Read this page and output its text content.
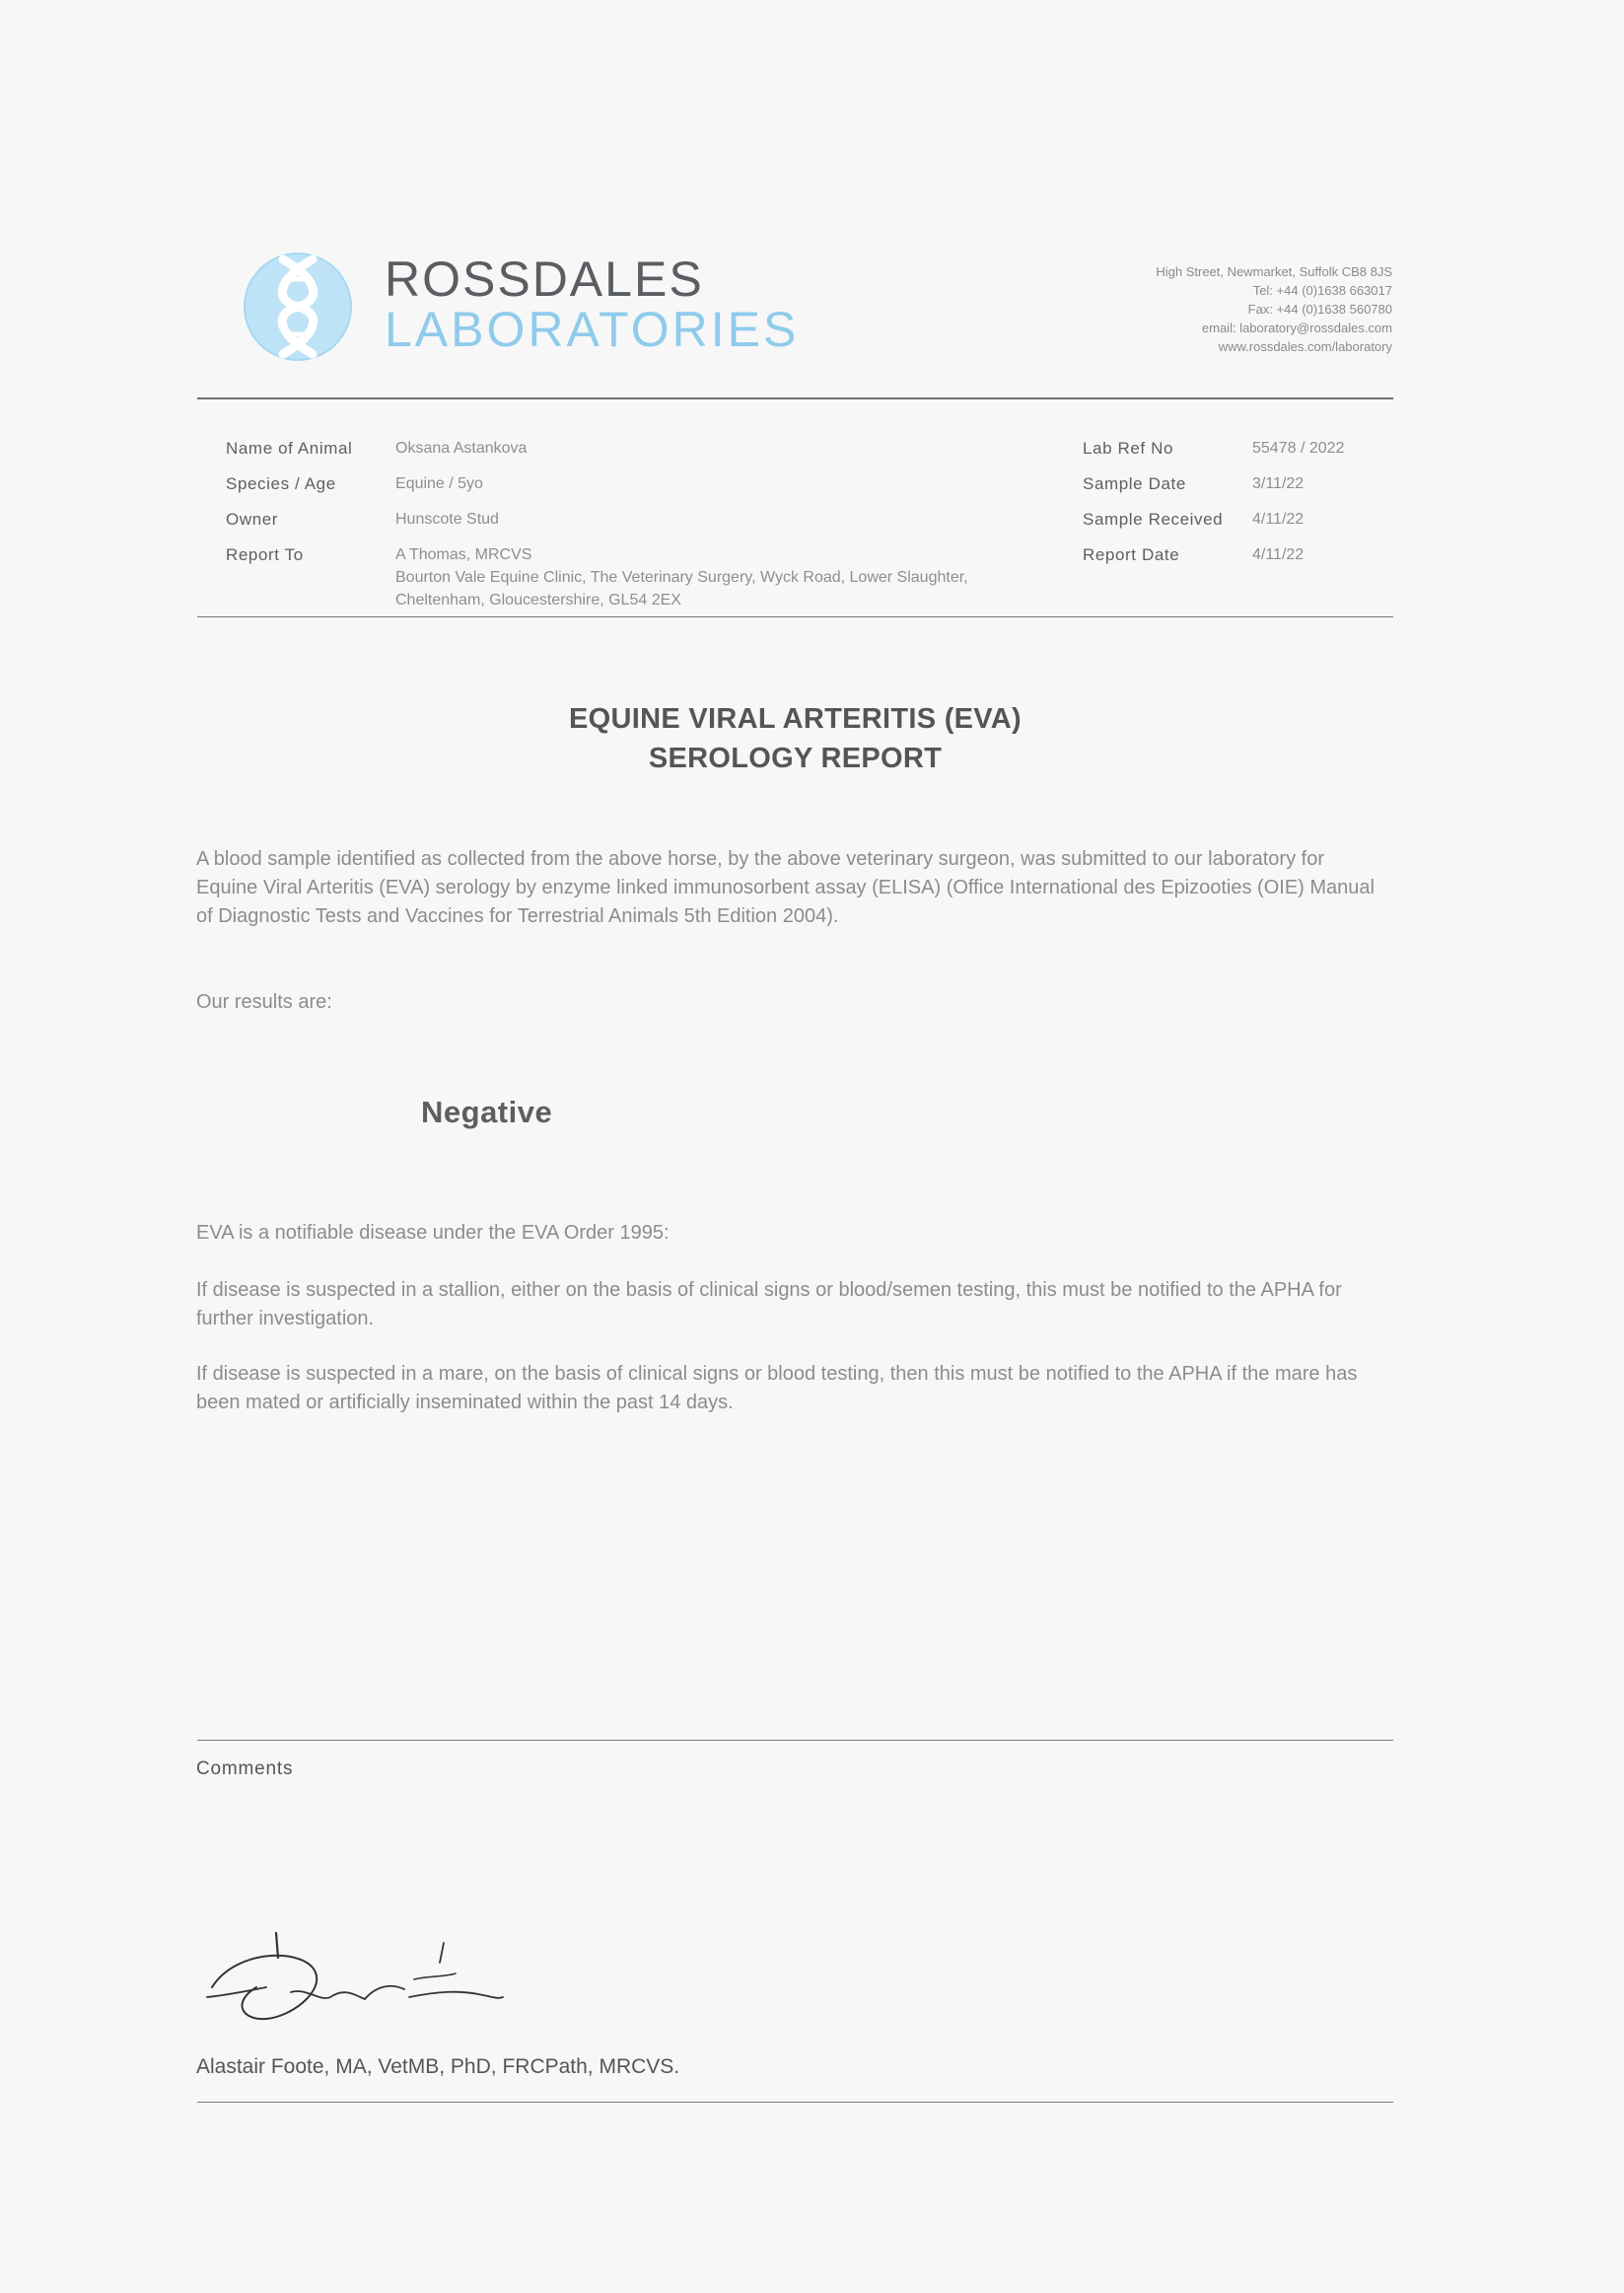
ROSSDALES
LABORATORIES
High Street, Newmarket, Suffolk CB8 8JS
Tel: +44 (0)1638 663017
Fax: +44 (0)1638 560780
email: laboratory@rossdales.com
www.rossdales.com/laboratory
Name of Animal	Oksana Astankova
Species / Age	Equine / 5yo
Owner	Hunscote Stud
Report To	A Thomas, MRCVS
Bourton Vale Equine Clinic, The Veterinary Surgery, Wyck Road, Lower Slaughter,
Cheltenham, Gloucestershire, GL54 2EX
Lab Ref No	55478 / 2022
Sample Date	3/11/22
Sample Received 4/11/22
Report Date	4/11/22
EQUINE VIRAL ARTERITIS (EVA)
SEROLOGY REPORT
A blood sample identified as collected from the above horse, by the above veterinary surgeon, was submitted to our laboratory for Equine Viral Arteritis (EVA) serology by enzyme linked immunosorbent assay (ELISA) (Office International des Epizooties (OIE) Manual of Diagnostic Tests and Vaccines for Terrestrial Animals 5th Edition 2004).
Our results are:
Negative
EVA is a notifiable disease under the EVA Order 1995:
If disease is suspected in a stallion, either on the basis of clinical signs or blood/semen testing, this must be notified to the APHA for further investigation.
If disease is suspected in a mare, on the basis of clinical signs or blood testing, then this must be notified to the APHA if the mare has been mated or artificially inseminated within the past 14 days.
Comments
Alastair Foote, MA, VetMB, PhD, FRCPath, MRCVS.
